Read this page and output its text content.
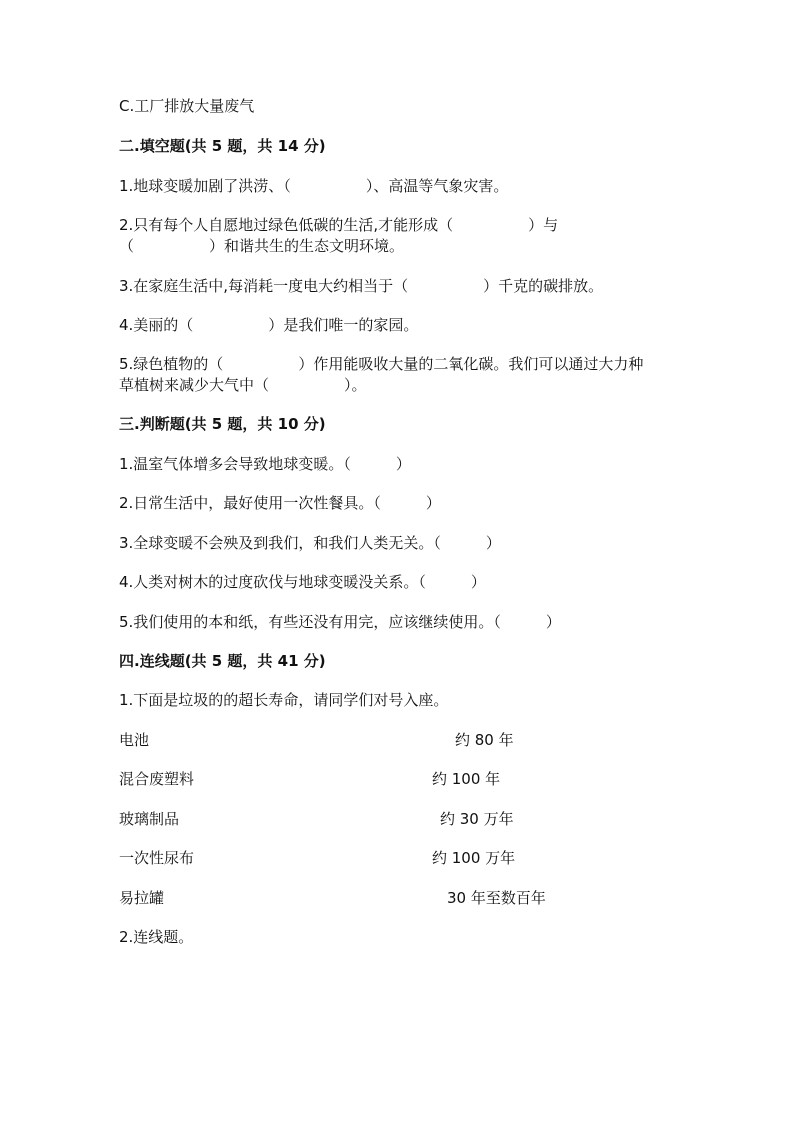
C.工厂排放大量废气
二.填空题(共 5 题，共 14 分)
1.地球变暖加剧了洪涝、（　　　　　）、高温等气象灾害。
2.只有每个人自愿地过绿色低碳的生活,才能形成（　　　　　）与
（　　　　　）和谐共生的生态文明环境。
3.在家庭生活中,每消耗一度电大约相当于（　　　　　）千克的碳排放。
4.美丽的（　　　　　）是我们唯一的家园。
5.绿色植物的（　　　　　）作用能吸收大量的二氧化碳。我们可以通过大力种
草植树来减少大气中（　　　　　）。
三.判断题(共 5 题，共 10 分)
1.温室气体增多会导致地球变暖。（　　　）
2.日常生活中，最好使用一次性餐具。（　　　）
3.全球变暖不会殃及到我们，和我们人类无关。（　　　）
4.人类对树木的过度砍伐与地球变暖没关系。（　　　）
5.我们使用的本和纸，有些还没有用完，应该继续使用。（　　　）
四.连线题(共 5 题，共 41 分)
1.下面是垃圾的的超长寿命，请同学们对号入座。
电池	约 80 年
混合废塑料	约 100 年
玻璃制品	约 30 万年
一次性尿布	约 100 万年
易拉罐	30 年至数百年
2.连线题。
